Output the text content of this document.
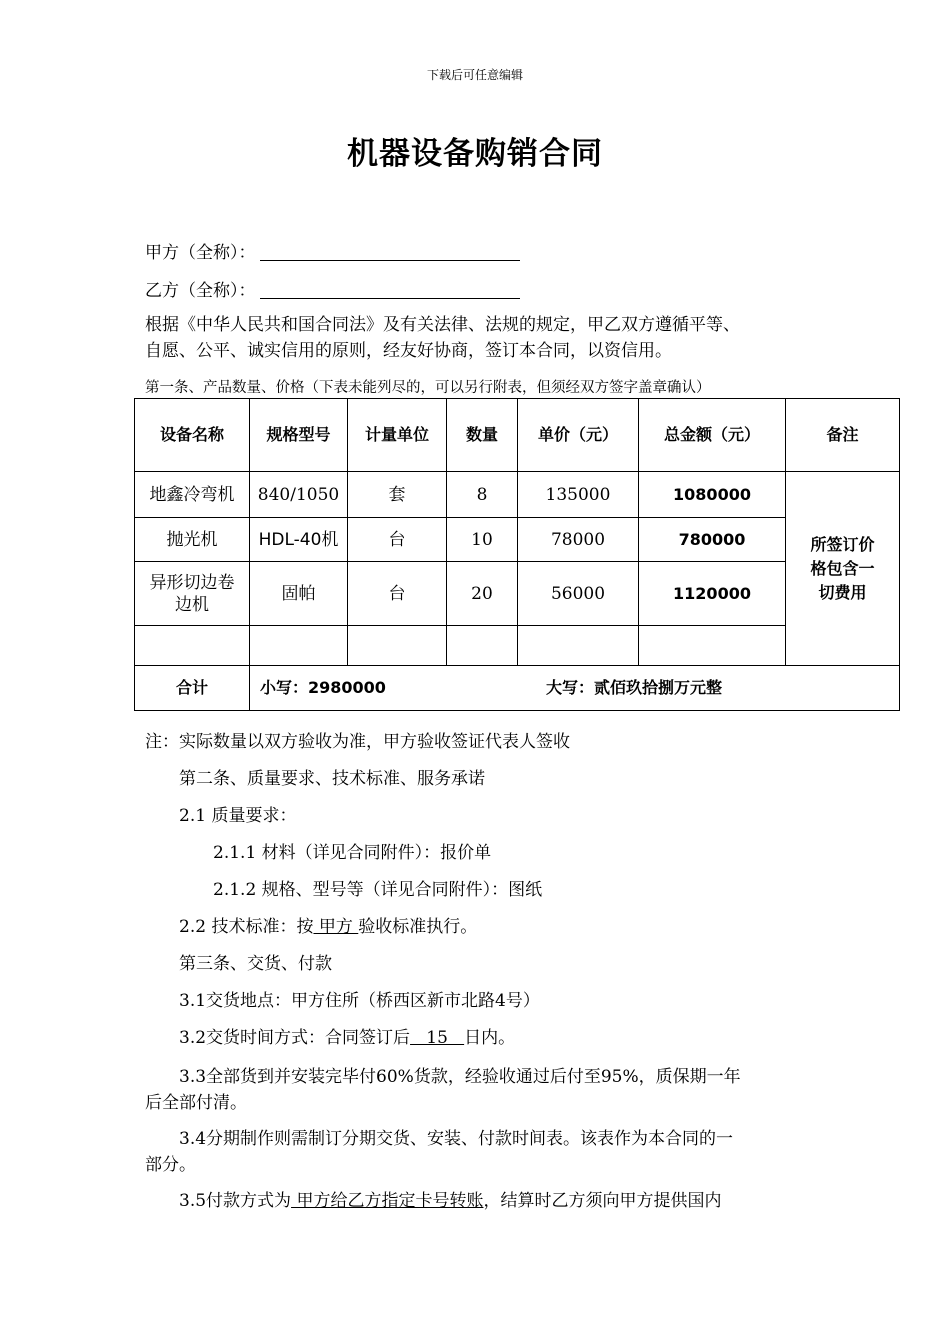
下载后可任意编辑
机器设备购销合同
甲方（全称）：
乙方（全称）：
根据《中华人民共和国合同法》及有关法律、法规的规定，甲乙双方遵循平等、
自愿、公平、诚实信用的原则，经友好协商，签订本合同，以资信用。
第一条、产品数量、价格（下表未能列尽的，可以另行附表，但须经双方签字盖章确认）
设备名称	规格型号	计量单位	数量	单价（元）	总金额（元）	备注
地鑫冷弯机	840/1050	套	8	135000	1080000	所签订价
格包含一
切费用

抛光机	HDL-40机	台	10	78000	780000	

异形切边卷
边机	固帕	台	20	56000	1120000	

合计	小写：2980000 大写：贰佰玖拾捌万元整					
注：实际数量以双方验收为准，甲方验收签证代表人签收
第二条、质量要求、技术标准、服务承诺
2.1 质量要求：
2.1.1 材料（详见合同附件）：报价单
2.1.2 规格、型号等（详见合同附件）：图纸
2.2 技术标准：按 甲方 验收标准执行。
第三条、交货、付款
3.1交货地点：甲方住所（桥西区新市北路4号）
3.2交货时间方式：合同签订后   15   日内。
3.3全部货到并安装完毕付60%货款，经验收通过后付至95%，质保期一年
后全部付清。
3.4分期制作则需制订分期交货、安装、付款时间表。该表作为本合同的一
部分。
3.5付款方式为 甲方给乙方指定卡号转账，结算时乙方须向甲方提供国内
